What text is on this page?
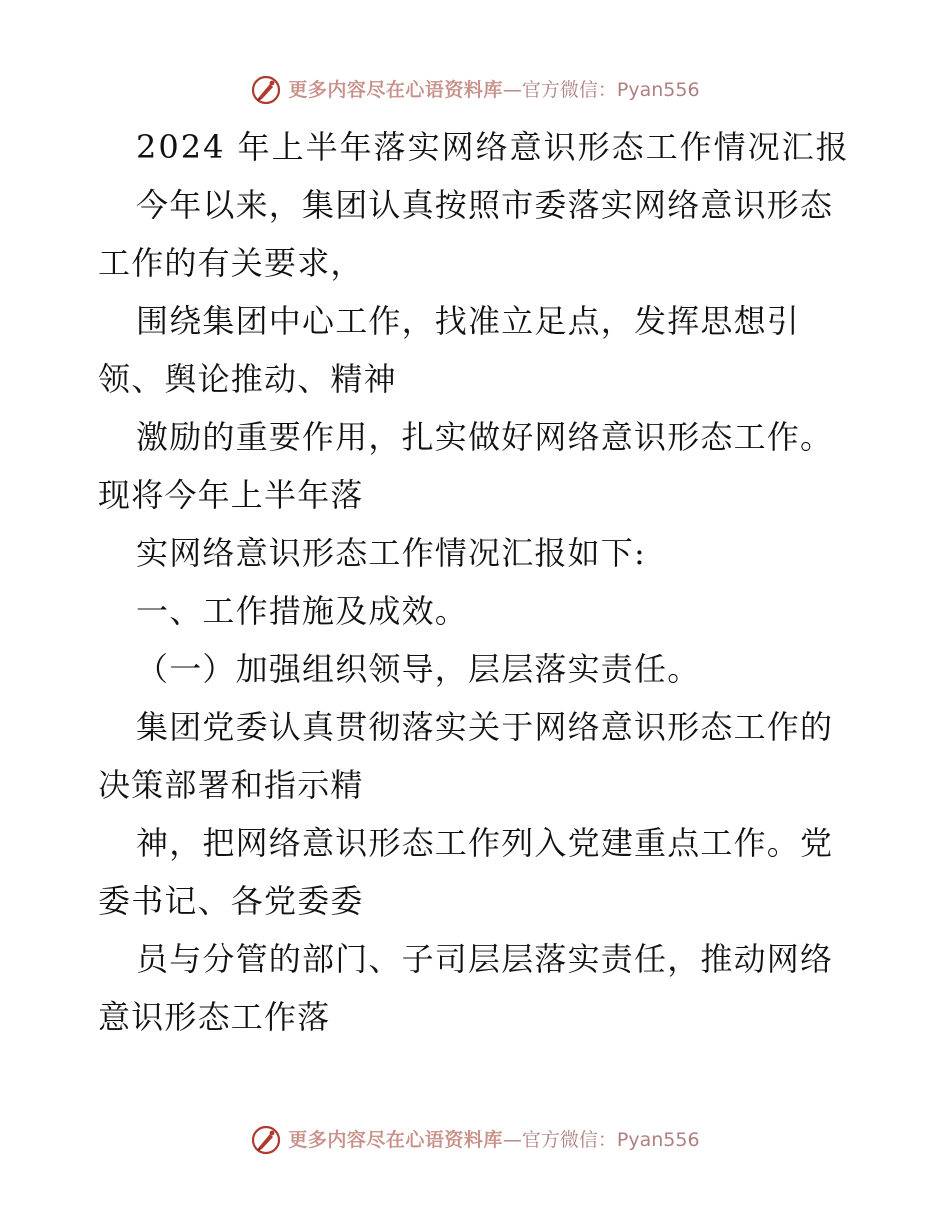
更多内容尽在心语资料库 — 官方微信：Pyan556
2024 年上半年落实网络意识形态工作情况汇报
今年以来，集团认真按照市委落实网络意识形态
工作的有关要求，
围绕集团中心工作，找准立足点，发挥思想引
领、舆论推动、精神
激励的重要作用，扎实做好网络意识形态工作。
现将今年上半年落
实网络意识形态工作情况汇报如下:
一、工作措施及成效。
（一）加强组织领导，层层落实责任。
集团党委认真贯彻落实关于网络意识形态工作的
决策部署和指示精
神，把网络意识形态工作列入党建重点工作。党
委书记、各党委委
员与分管的部门、子司层层落实责任，推动网络
意识形态工作落
更多内容尽在心语资料库 — 官方微信：Pyan556
